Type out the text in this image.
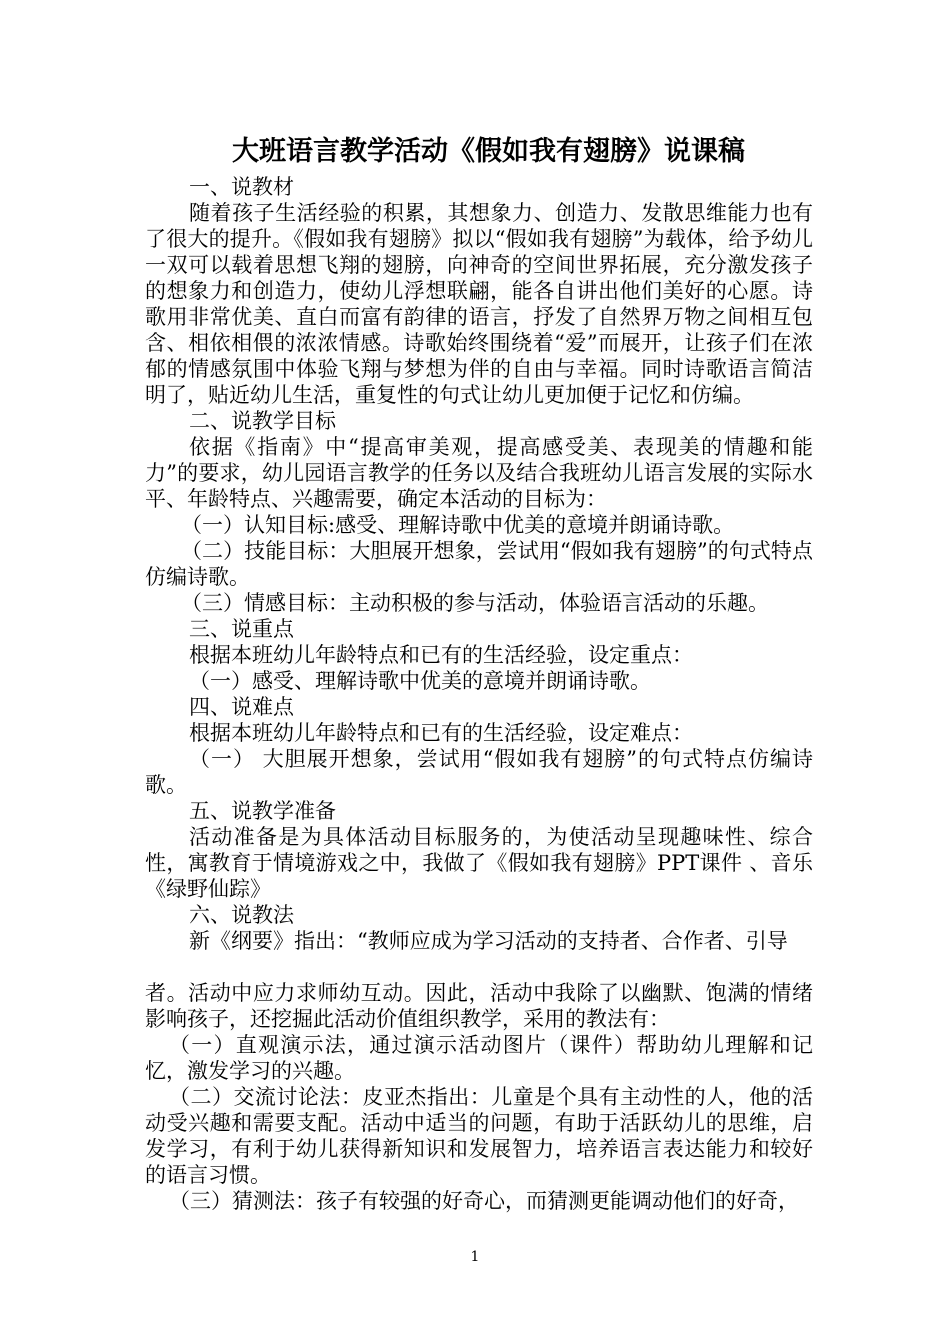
大班语言教学活动《假如我有翅膀》说课稿

一、说教材

随着孩子生活经验的积累，其想象力、创造力、发散思维能力也有了很大的提升。《假如我有翅膀》拟以“假如我有翅膀”为载体，给予幼儿一双可以载着思想飞翔的翅膀，向神奇的空间世界拓展，充分激发孩子的想象力和创造力，使幼儿浮想联翩，能各自讲出他们美好的心愿。诗歌用非常优美、直白而富有韵律的语言，抒发了自然界万物之间相互包含、相依相偎的浓浓情感。诗歌始终围绕着“爱”而展开，让孩子们在浓郁的情感氛围中体验飞翔与梦想为伴的自由与幸福。同时诗歌语言简洁明了，贴近幼儿生活，重复性的句式让幼儿更加便于记忆和仿编。

二、说教学目标

依据《指南》中“提高审美观，提高感受美、表现美的情趣和能力”的要求，幼儿园语言教学的任务以及结合我班幼儿语言发展的实际水平、年龄特点、兴趣需要，确定本活动的目标为：

（一）认知目标:感受、理解诗歌中优美的意境并朗诵诗歌。

（二）技能目标：大胆展开想象，尝试用“假如我有翅膀”的句式特点仿编诗歌。

（三）情感目标：主动积极的参与活动，体验语言活动的乐趣。

三、说重点

根据本班幼儿年龄特点和已有的生活经验，设定重点：

（一）感受、理解诗歌中优美的意境并朗诵诗歌。

四、说难点

根据本班幼儿年龄特点和已有的生活经验，设定难点：

（一） 大胆展开想象，尝试用“假如我有翅膀”的句式特点仿编诗歌。

五、说教学准备

活动准备是为具体活动目标服务的，为使活动呈现趣味性、综合性，寓教育于情境游戏之中，我做了《假如我有翅膀》PPT课件 、音乐《绿野仙踪》

六、说教法

新《纲要》指出：“教师应成为学习活动的支持者、合作者、引导

者。活动中应力求师幼互动。因此，活动中我除了以幽默、饱满的情绪影响孩子，还挖掘此活动价值组织教学，采用的教法有：

（一）直观演示法，通过演示活动图片（课件）帮助幼儿理解和记忆，激发学习的兴趣。

（二）交流讨论法：皮亚杰指出：儿童是个具有主动性的人，他的活动受兴趣和需要支配。活动中适当的问题，有助于活跃幼儿的思维，启发学习，有利于幼儿获得新知识和发展智力，培养语言表达能力和较好的语言习惯。

（三）猜测法：孩子有较强的好奇心，而猜测更能调动他们的好奇，

1
